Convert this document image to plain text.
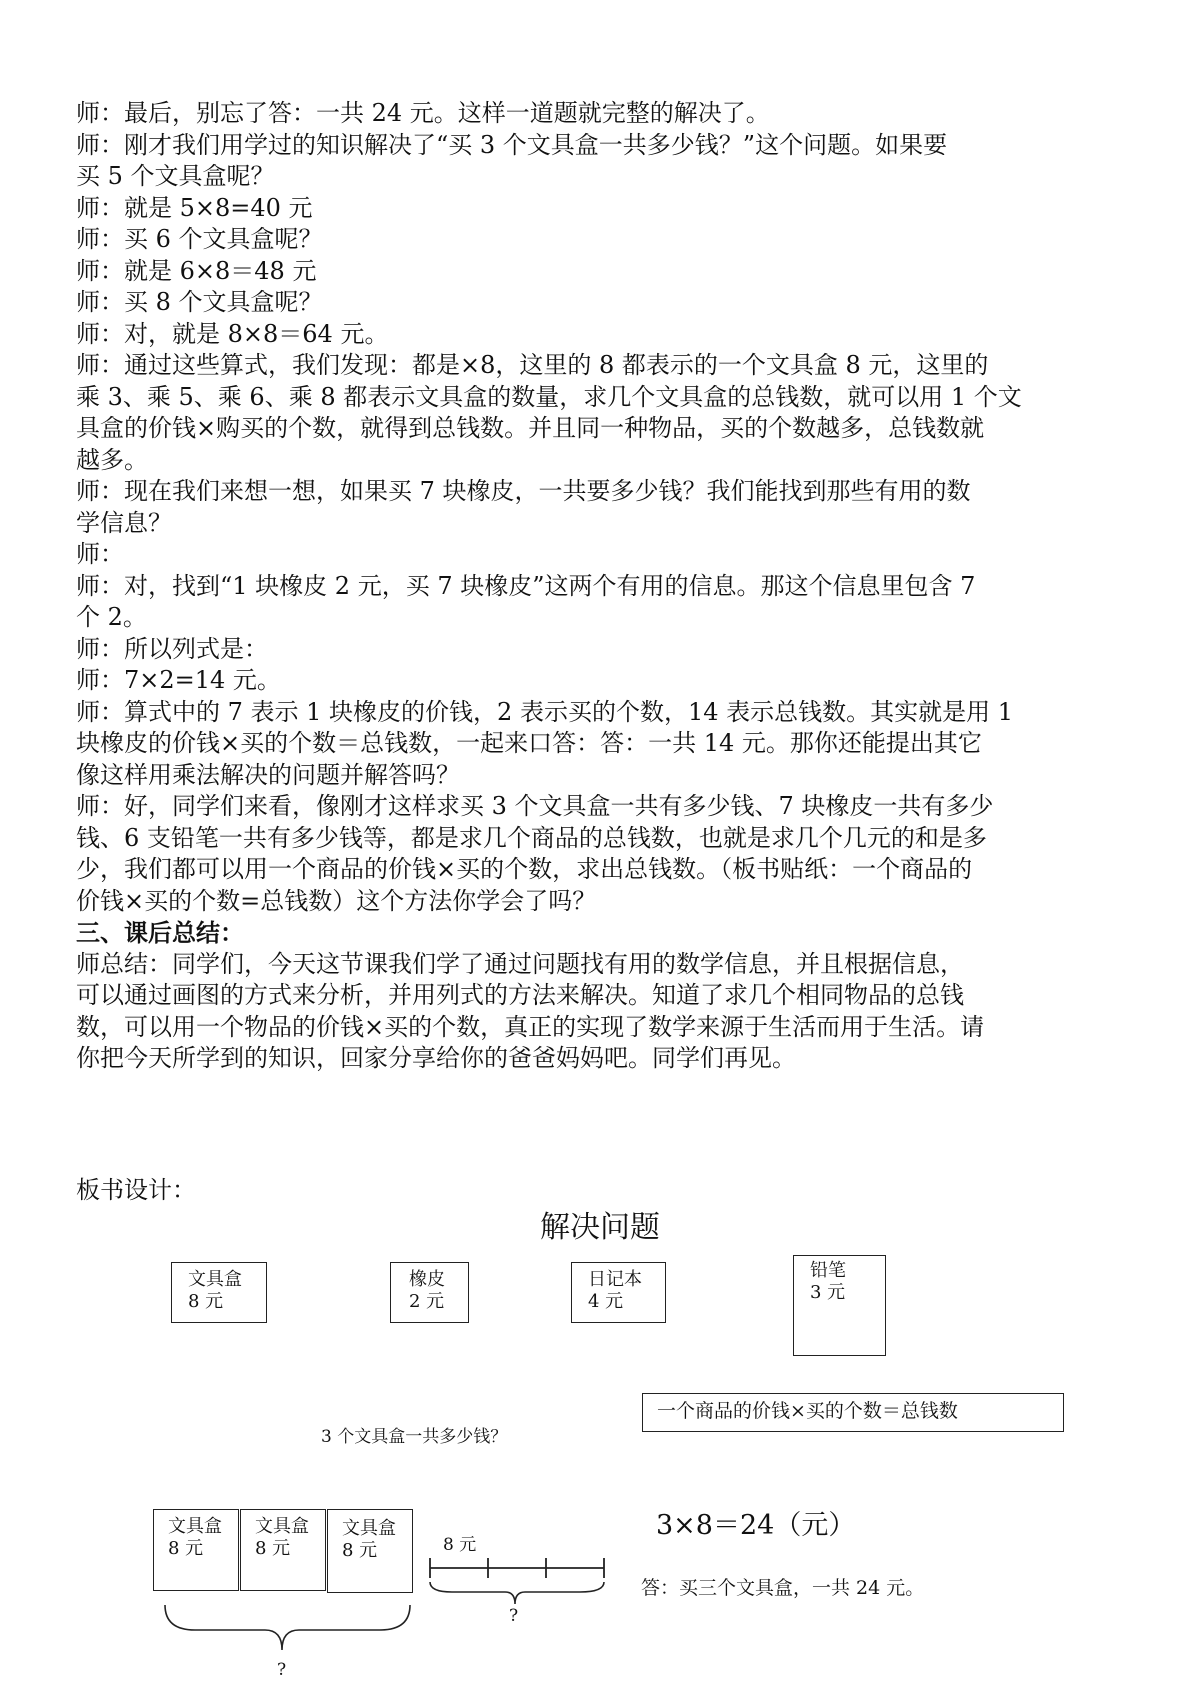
师：最后，别忘了答：一共 24 元。这样一道题就完整的解决了。
师：刚才我们用学过的知识解决了“买 3 个文具盒一共多少钱？”这个问题。如果要
买 5 个文具盒呢？
师：就是 5×8=40 元
师：买 6 个文具盒呢？
师：就是 6×8＝48 元
师：买 8 个文具盒呢？
师：对，就是 8×8＝64 元。
师：通过这些算式，我们发现：都是×8，这里的 8 都表示的一个文具盒 8 元，这里的
乘 3、乘 5、乘 6、乘 8 都表示文具盒的数量，求几个文具盒的总钱数，就可以用 1 个文
具盒的价钱×购买的个数，就得到总钱数。并且同一种物品，买的个数越多，总钱数就
越多。
师：现在我们来想一想，如果买 7 块橡皮，一共要多少钱？我们能找到那些有用的数
学信息？
师：
师：对，找到“1 块橡皮 2 元，买 7 块橡皮”这两个有用的信息。那这个信息里包含 7
个 2。
师：所以列式是：
师：7×2=14 元。
师：算式中的 7 表示 1 块橡皮的价钱，2 表示买的个数，14 表示总钱数。其实就是用 1
块橡皮的价钱×买的个数＝总钱数，一起来口答：答：一共 14 元。那你还能提出其它
像这样用乘法解决的问题并解答吗？
师：好，同学们来看，像刚才这样求买 3 个文具盒一共有多少钱、7 块橡皮一共有多少
钱、6 支铅笔一共有多少钱等，都是求几个商品的总钱数，也就是求几个几元的和是多
少，我们都可以用一个商品的价钱×买的个数，求出总钱数。（板书贴纸：一个商品的
价钱×买的个数=总钱数）这个方法你学会了吗？
三、课后总结：
师总结：同学们，今天这节课我们学了通过问题找有用的数学信息，并且根据信息，
可以通过画图的方式来分析，并用列式的方法来解决。知道了求几个相同物品的总钱
数，可以用一个物品的价钱×买的个数，真正的实现了数学来源于生活而用于生活。请
你把今天所学到的知识，回家分享给你的爸爸妈妈吧。同学们再见。
板书设计：
解决问题
文具盒
8 元
橡皮
2 元
日记本
4 元
铅笔
3 元
一个商品的价钱×买的个数＝总钱数
3 个文具盒一共多少钱？
文具盒
8 元
文具盒
8 元
文具盒
8 元	8 元
?
?
3×8＝24（元）
答：买三个文具盒，一共 24 元。
